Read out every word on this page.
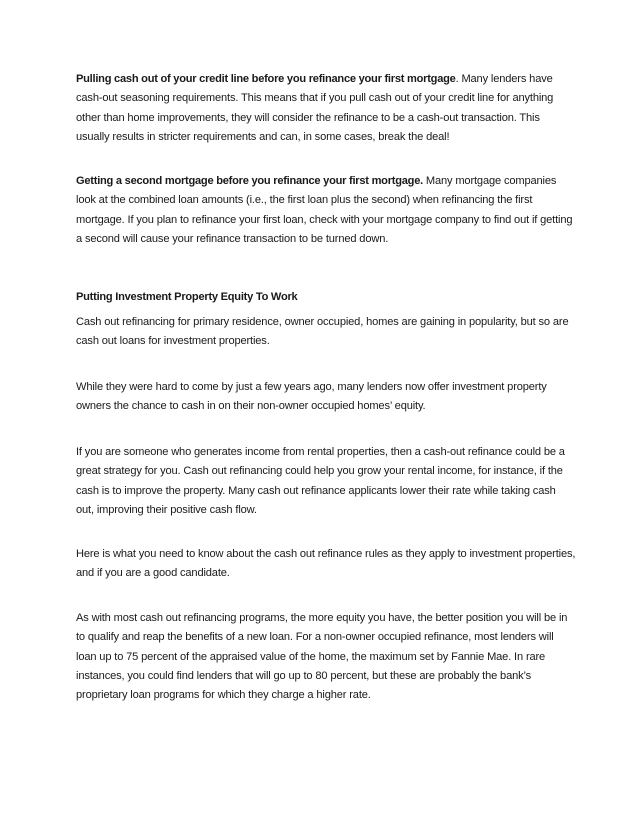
Pulling cash out of your credit line before you refinance your first mortgage. Many lenders have cash-out seasoning requirements. This means that if you pull cash out of your credit line for anything other than home improvements, they will consider the refinance to be a cash-out transaction. This usually results in stricter requirements and can, in some cases, break the deal!

Getting a second mortgage before you refinance your first mortgage. Many mortgage companies look at the combined loan amounts (i.e., the first loan plus the second) when refinancing the first mortgage. If you plan to refinance your first loan, check with your mortgage company to find out if getting a second will cause your refinance transaction to be turned down.

Putting Investment Property Equity To Work

Cash out refinancing for primary residence, owner occupied, homes are gaining in popularity, but so are cash out loans for investment properties.

While they were hard to come by just a few years ago, many lenders now offer investment property owners the chance to cash in on their non-owner occupied homes’ equity.

If you are someone who generates income from rental properties, then a cash-out refinance could be a great strategy for you. Cash out refinancing could help you grow your rental income, for instance, if the cash is to improve the property. Many cash out refinance applicants lower their rate while taking cash out, improving their positive cash flow.

Here is what you need to know about the cash out refinance rules as they apply to investment properties, and if you are a good candidate.

As with most cash out refinancing programs, the more equity you have, the better position you will be in to qualify and reap the benefits of a new loan. For a non-owner occupied refinance, most lenders will loan up to 75 percent of the appraised value of the home, the maximum set by Fannie Mae. In rare instances, you could find lenders that will go up to 80 percent, but these are probably the bank’s proprietary loan programs for which they charge a higher rate.
